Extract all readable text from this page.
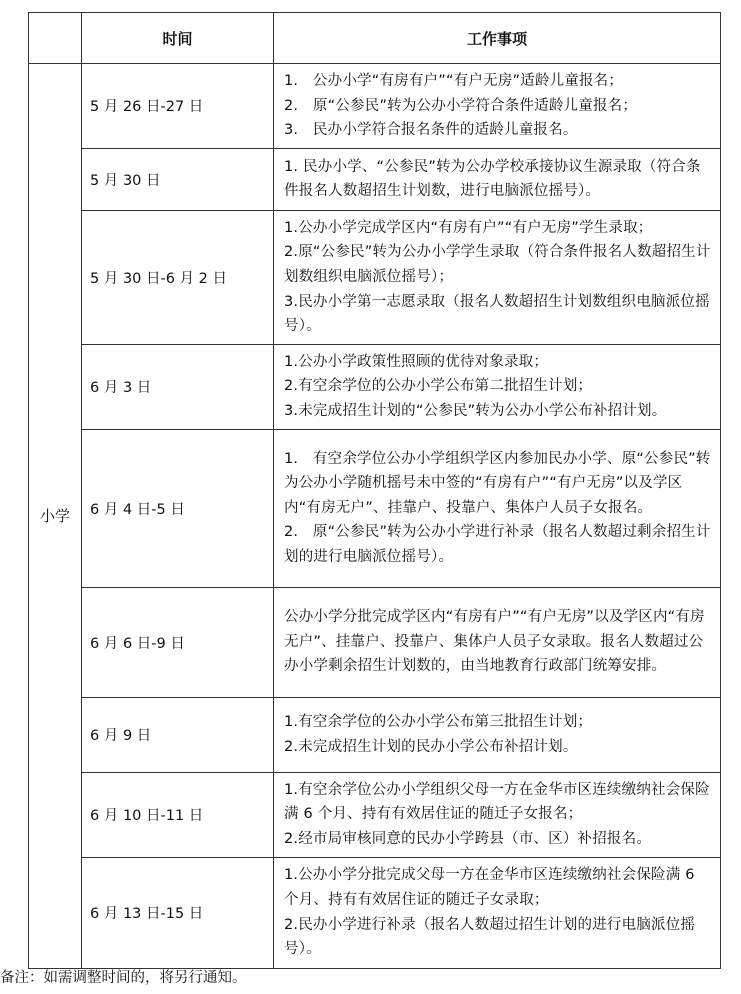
	时间	工作事项
小学	5 月 26 日-27 日	1.　公办小学“有房有户”“有户无房”适龄儿童报名；
2.　原“公参民”转为公办小学符合条件适龄儿童报名；
3.　民办小学符合报名条件的适龄儿童报名。

	5 月 30 日	1. 民办小学、“公参民”转为公办学校承接协议生源录取（符合条件报名人数超招生计划数，进行电脑派位摇号）。

	5 月 30 日-6 月 2 日	1.公办小学完成学区内“有房有户”“有户无房”学生录取；
2.原“公参民”转为公办小学学生录取（符合条件报名人数超招生计划数组织电脑派位摇号）；
3.民办小学第一志愿录取（报名人数超招生计划数组织电脑派位摇号）。

	6 月 3 日	1.公办小学政策性照顾的优待对象录取；
2.有空余学位的公办小学公布第二批招生计划；
3.未完成招生计划的“公参民”转为公办小学公布补招计划。

	6 月 4 日-5 日	1.　有空余学位公办小学组织学区内参加民办小学、原“公参民”转为公办小学随机摇号未中签的“有房有户”“有户无房”以及学区内“有房无户”、挂靠户、投靠户、集体户人员子女报名。
2.　原“公参民”转为公办小学进行补录（报名人数超过剩余招生计划的进行电脑派位摇号）。

	6 月 6 日-9 日	公办小学分批完成学区内“有房有户”“有户无房”以及学区内“有房无户”、挂靠户、投靠户、集体户人员子女录取。报名人数超过公办小学剩余招生计划数的，由当地教育行政部门统筹安排。

	6 月 9 日	1.有空余学位的公办小学公布第三批招生计划；
2.未完成招生计划的民办小学公布补招计划。

	6 月 10 日-11 日	1.有空余学位公办小学组织父母一方在金华市区连续缴纳社会保险满 6 个月、持有有效居住证的随迁子女报名；
2.经市局审核同意的民办小学跨县（市、区）补招报名。

	6 月 13 日-15 日	1.公办小学分批完成父母一方在金华市区连续缴纳社会保险满 6 个月、持有有效居住证的随迁子女录取；
2.民办小学进行补录（报名人数超过招生计划的进行电脑派位摇号）。
备注：如需调整时间的，将另行通知。
